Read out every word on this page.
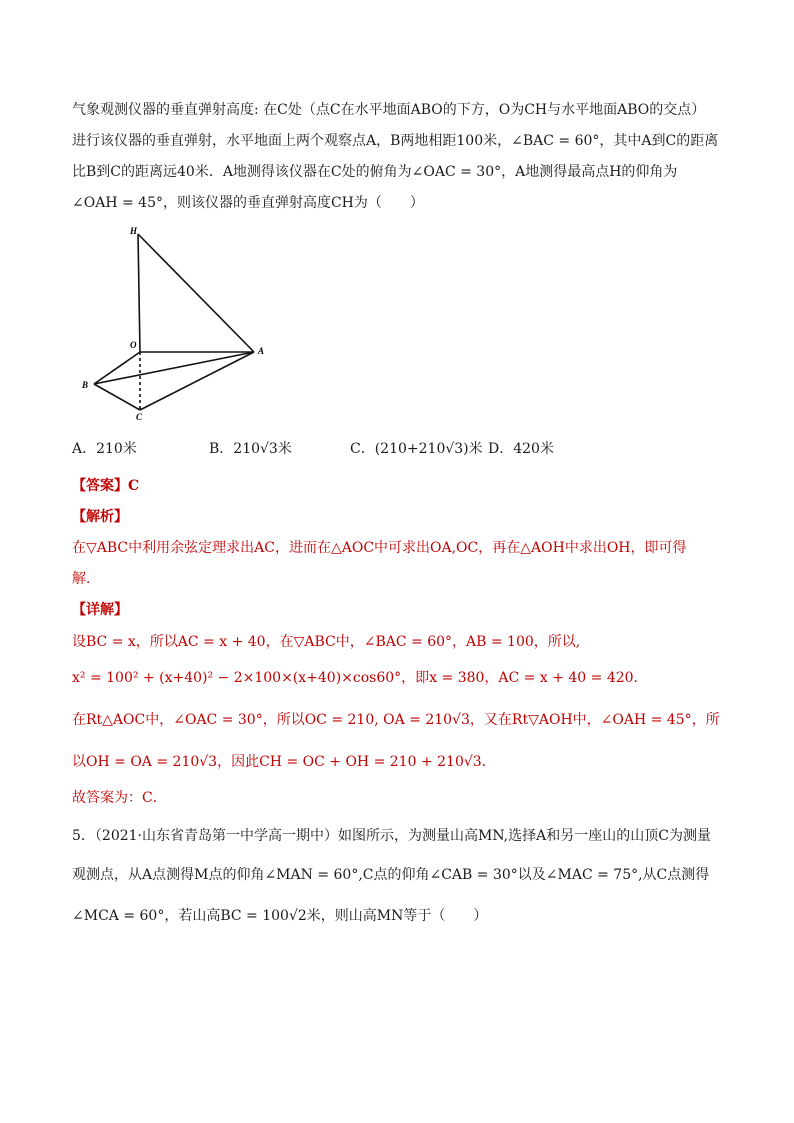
气象观测仪器的垂直弹射高度: 在C处（点C在水平地面ABO的下方，O为CH与水平地面ABO的交点）
进行该仪器的垂直弹射，水平地面上两个观察点A，B两地相距100米，∠BAC = 60°，其中A到C的距离
比B到C的距离远40米．A地测得该仪器在C处的俯角为∠OAC = 30°，A地测得最高点H的仰角为
∠OAH = 45°，则该仪器的垂直弹射高度CH为（　　）
H
O
A
B
C
A．210米	B．210√3米	C．(210+210√3)米 D．420米
【答案】C
【解析】
在▽ABC中利用余弦定理求出AC，进而在△AOC中可求出OA,OC，再在△AOH中求出OH，即可得
解．
【详解】
设BC = x，所以AC = x + 40，在▽ABC中，∠BAC = 60°，AB = 100，所以,
x² = 100² + (x+40)² − 2×100×(x+40)×cos60°，即x = 380，AC = x + 40 = 420．
在Rt△AOC中，∠OAC = 30°，所以OC = 210, OA = 210√3，又在Rt▽AOH中，∠OAH = 45°，所
以OH = OA = 210√3，因此CH = OC + OH = 210 + 210√3．
故答案为：C．
5．（2021·山东省青岛第一中学高一期中）如图所示，为测量山高MN,选择A和另一座山的山顶C为测量
观测点，从A点测得M点的仰角∠MAN = 60°,C点的仰角∠CAB = 30°以及∠MAC = 75°,从C点测得
∠MCA = 60°，若山高BC = 100√2米，则山高MN等于（　　）
